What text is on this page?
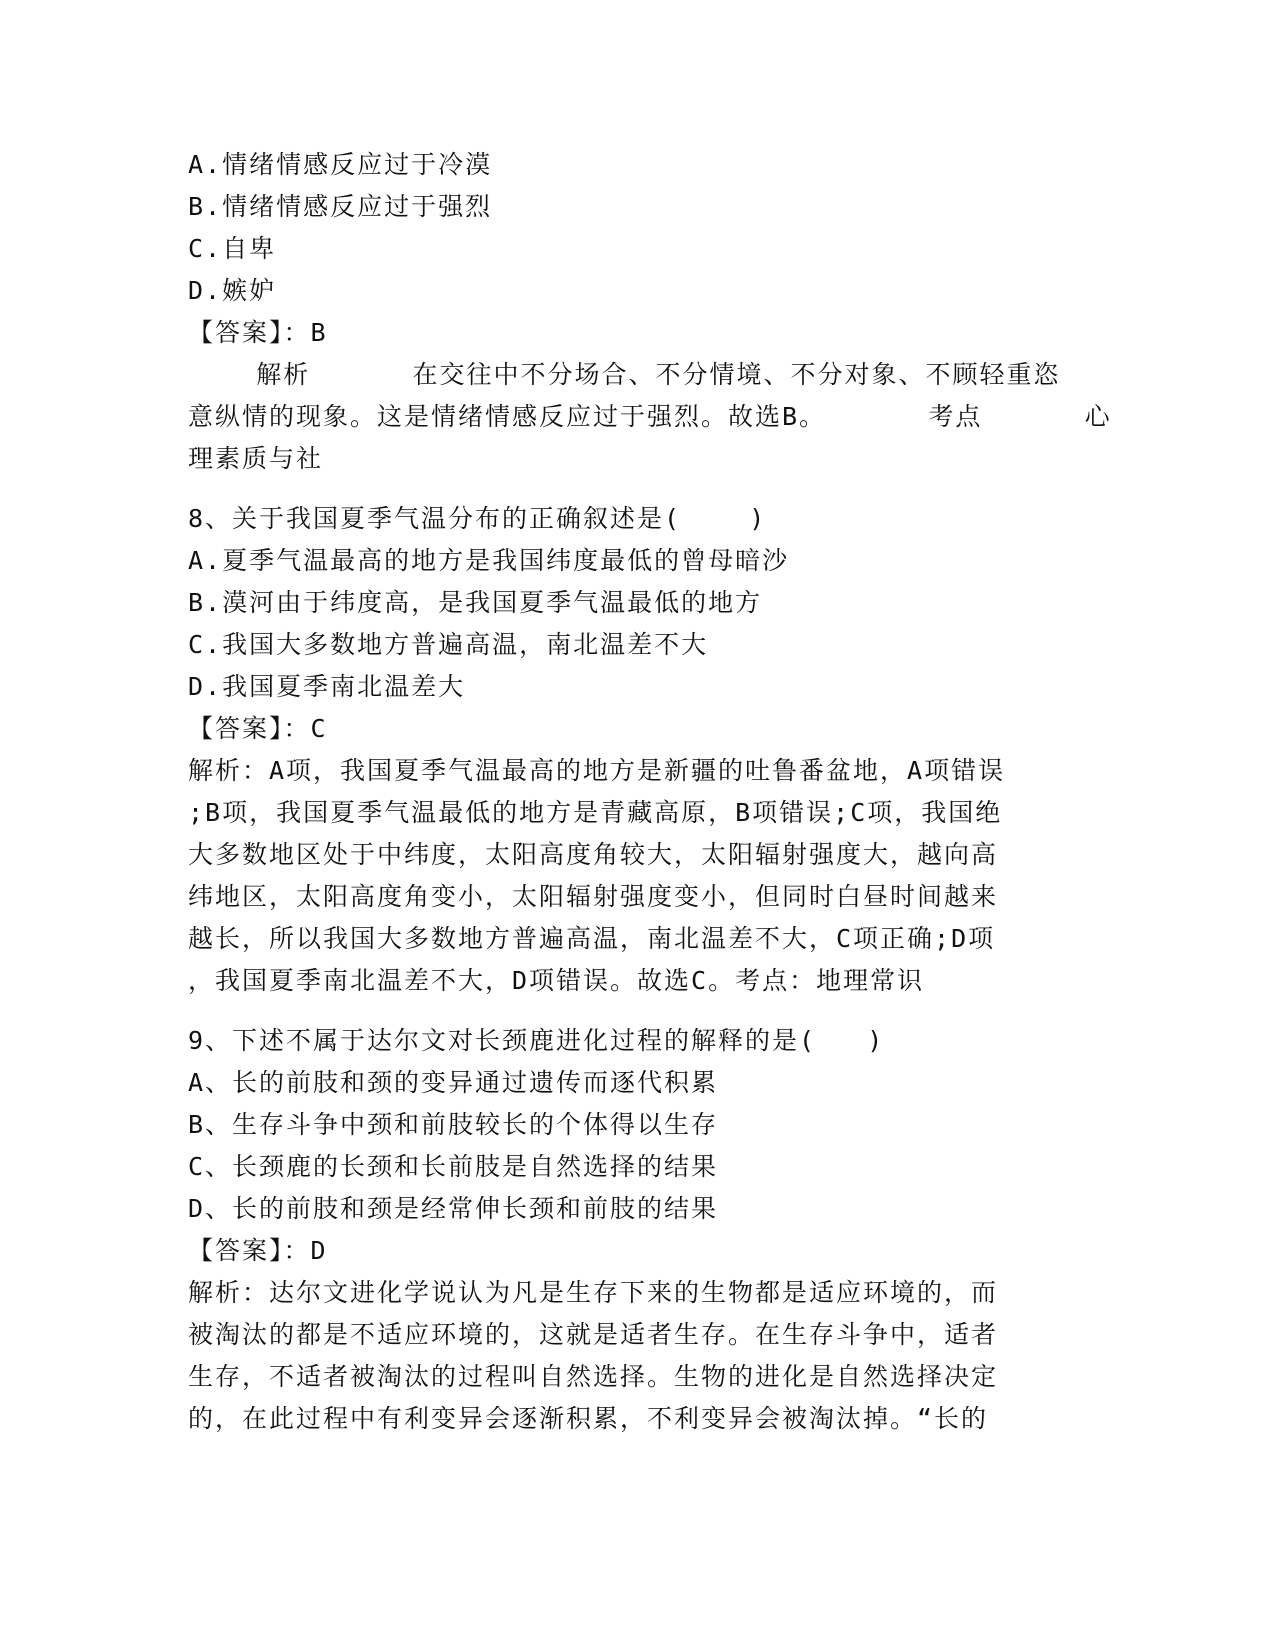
A.情绪情感反应过于冷漠
B.情绪情感反应过于强烈
C.自卑
D.嫉妒
【答案】：B
解析      在交往中不分场合、不分情境、不分对象、不顾轻重恣
意纵情的现象。这是情绪情感反应过于强烈。故选B。      考点      心
理素质与社
8、关于我国夏季气温分布的正确叙述是(    )
A.夏季气温最高的地方是我国纬度最低的曾母暗沙
B.漠河由于纬度高，是我国夏季气温最低的地方
C.我国大多数地方普遍高温，南北温差不大
D.我国夏季南北温差大
【答案】：C
解析：A项，我国夏季气温最高的地方是新疆的吐鲁番盆地，A项错误
;B项，我国夏季气温最低的地方是青藏高原，B项错误;C项，我国绝
大多数地区处于中纬度，太阳高度角较大，太阳辐射强度大，越向高
纬地区，太阳高度角变小，太阳辐射强度变小，但同时白昼时间越来
越长，所以我国大多数地方普遍高温，南北温差不大，C项正确;D项
，我国夏季南北温差不大，D项错误。故选C。考点：地理常识
9、下述不属于达尔文对长颈鹿进化过程的解释的是(   )
A、长的前肢和颈的变异通过遗传而逐代积累
B、生存斗争中颈和前肢较长的个体得以生存
C、长颈鹿的长颈和长前肢是自然选择的结果
D、长的前肢和颈是经常伸长颈和前肢的结果
【答案】：D
解析：达尔文进化学说认为凡是生存下来的生物都是适应环境的，而
被淘汰的都是不适应环境的，这就是适者生存。在生存斗争中，适者
生存，不适者被淘汰的过程叫自然选择。生物的进化是自然选择决定
的，在此过程中有利变异会逐渐积累，不利变异会被淘汰掉。“长的
